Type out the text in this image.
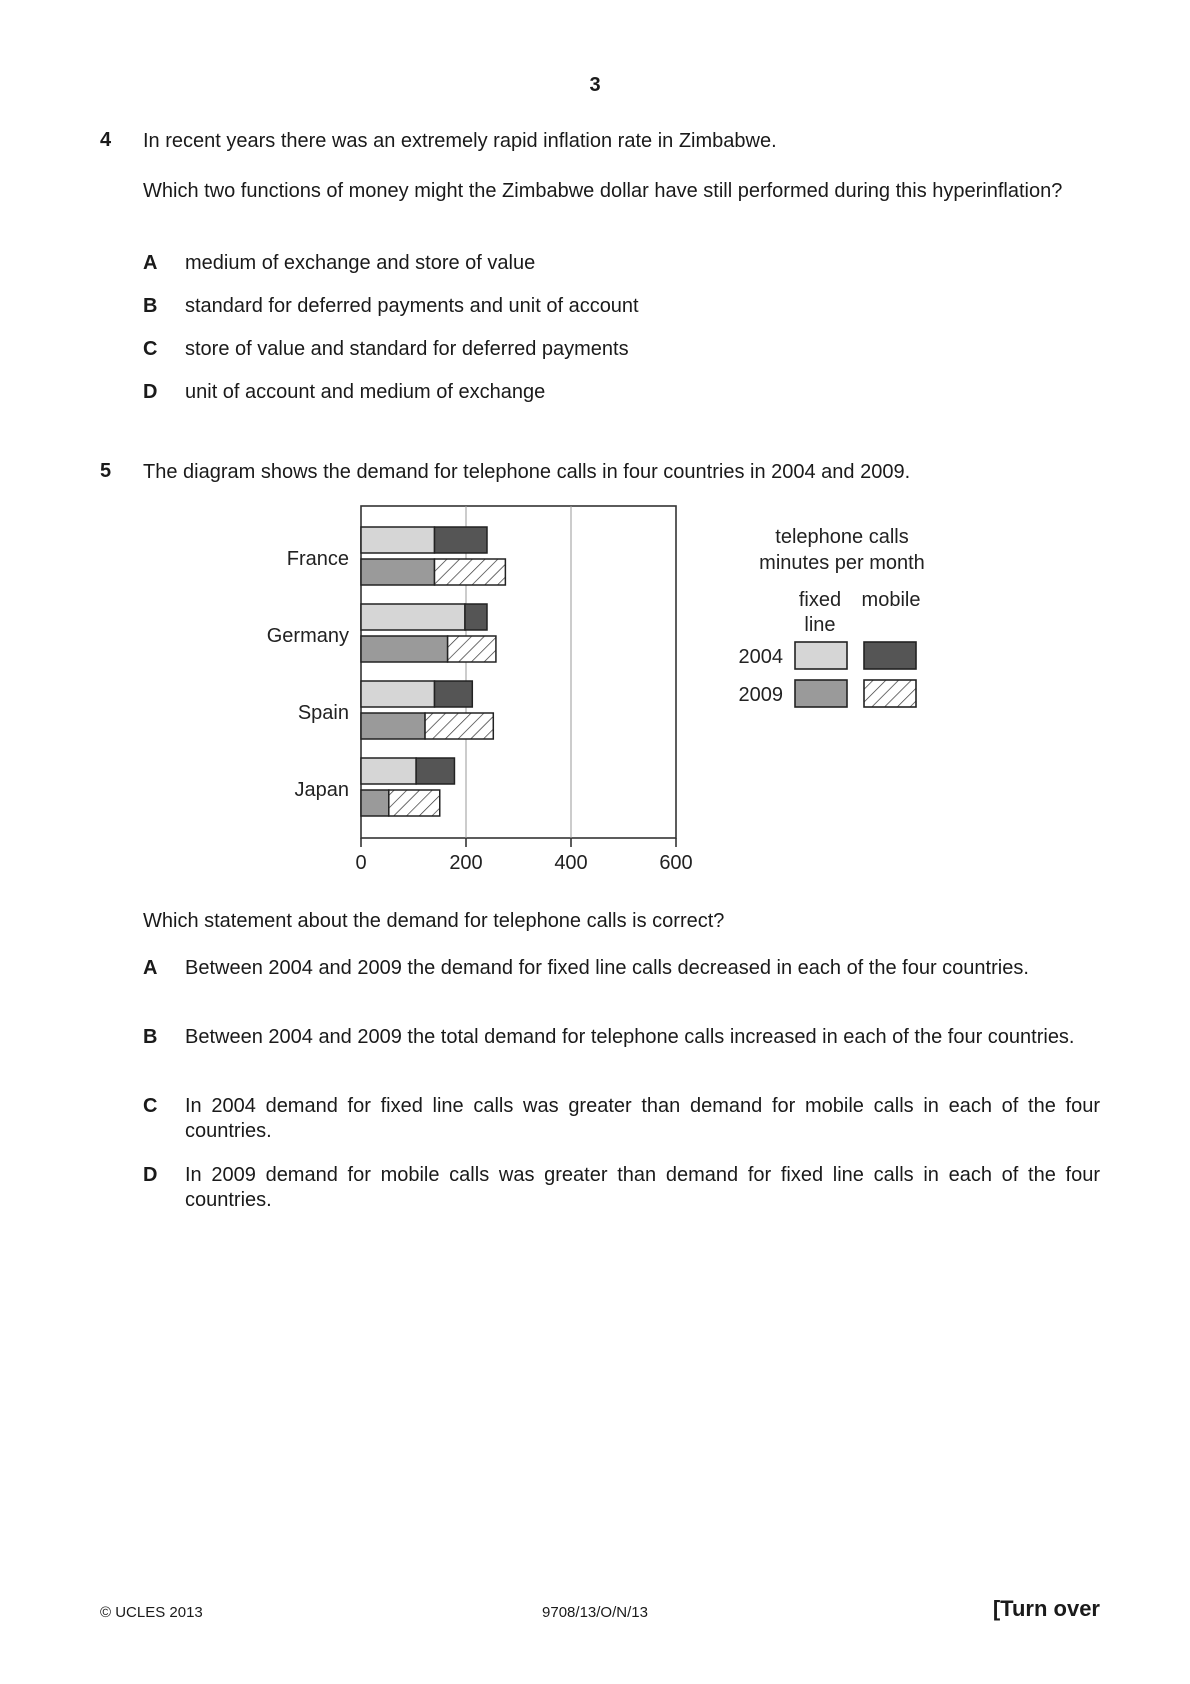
3
4 In recent years there was an extremely rapid inflation rate in Zimbabwe.
Which two functions of money might the Zimbabwe dollar have still performed during this hyperinflation?
A medium of exchange and store of value
B standard for deferred payments and unit of account
C store of value and standard for deferred payments
D unit of account and medium of exchange
5 The diagram shows the demand for telephone calls in four countries in 2004 and 2009.
0	200	400	600
France
Germany
Spain
Japan
telephone calls
minutes per month
fixed
line
mobile
2004
2009
Which statement about the demand for telephone calls is correct?
A Between 2004 and 2009 the demand for fixed line calls decreased in each of the four countries.
B Between 2004 and 2009 the total demand for telephone calls increased in each of the four countries.
C In 2004 demand for fixed line calls was greater than demand for mobile calls in each of the four countries.
D In 2009 demand for mobile calls was greater than demand for fixed line calls in each of the four countries.
© UCLES 2013	9708/13/O/N/13	[Turn over
